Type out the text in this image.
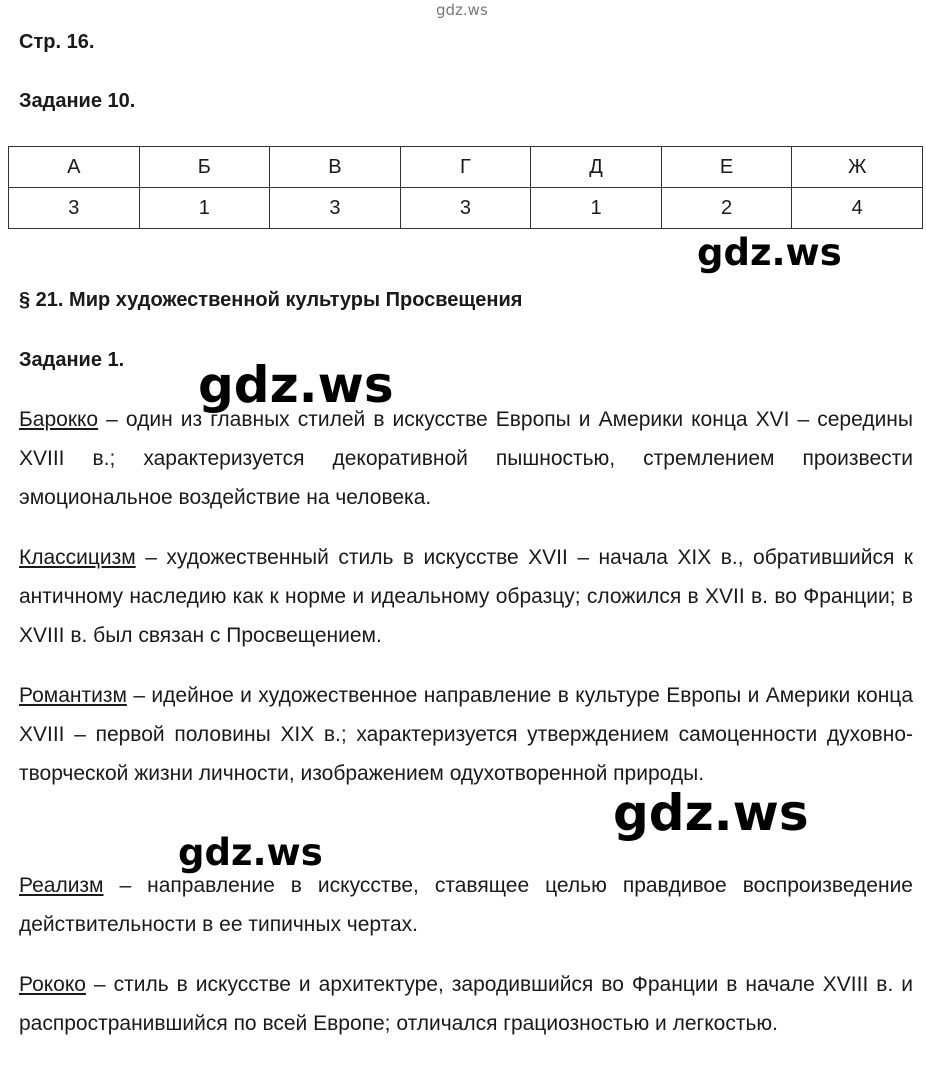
gdz.ws

Стр. 16.

Задание 10.

А	Б	В	Г	Д	Е	Ж
3	1	3	3	1	2	4
gdz.ws

§ 21. Мир художественной культуры Просвещения

Задание 1.

Барокко – один из главных стилей в искусстве Европы и Америки конца XVI – середины XVIII в.; характеризуется декоративной пышностью, стремлением произвести эмоциональное воздействие на человека.

Классицизм – художественный стиль в искусстве XVII – начала XIX в., обратившийся к античному наследию как к норме и идеальному образцу; сложился в XVII в. во Франции; в XVIII в. был связан с Просвещением.

Романтизм – идейное и художественное направление в культуре Европы и Америки конца XVIII – первой половины XIX в.; характеризуется утверждением самоценности духовно-творческой жизни личности, изображением одухотворенной природы.

Реализм – направление в искусстве, ставящее целью правдивое воспроизведение действительности в ее типичных чертах.

Рококо – стиль в искусстве и архитектуре, зародившийся во Франции в начале XVIII в. и распространившийся по всей Европе; отличался грациозностью и легкостью.

gdz.ws
gdz.ws
gdz.ws
